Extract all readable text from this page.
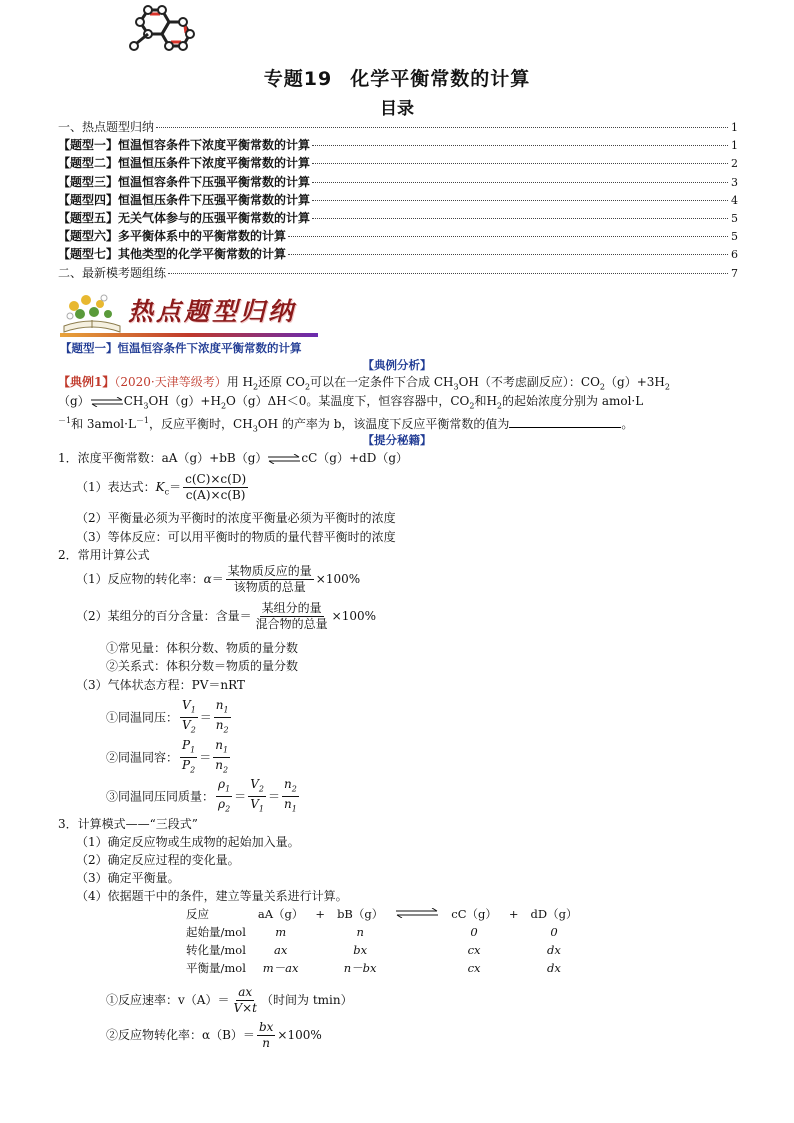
专题19 化学平衡常数的计算
目录
一、热点题型归纳	1
【题型一】恒温恒容条件下浓度平衡常数的计算	1
【题型二】恒温恒压条件下浓度平衡常数的计算	2
【题型三】恒温恒容条件下压强平衡常数的计算	3
【题型四】恒温恒压条件下压强平衡常数的计算	4
【题型五】无关气体参与的压强平衡常数的计算	5
【题型六】多平衡体系中的平衡常数的计算	5
【题型七】其他类型的化学平衡常数的计算	6
二、最新模考题组练	7
热点题型归纳
【题型一】恒温恒容条件下浓度平衡常数的计算
【典例分析】
【典例1】（2020·天津等级考）用 $H_2$还原 $CO_2$可以在一定条件下合成 $CH_3OH$（不考虑副反应）：$CO_2(g)+3H_2$
$(g)\rightleftharpoons CH_3OH(g)+H_2O(g)\Delta H<0$。某温度下，恒容容器中，$CO_2$和$H_2$的起始浓度分别为 amol·L
$^{-1}$和 $3amol\cdot L^{-1}$，反应平衡时，$CH_3OH$ 的产率为 b，该温度下反应平衡常数的值为	。
【提分秘籍】
1．浓度平衡常数：aA（g）+bB（g）⇌cC（g）+dD（g）
（1）表达式：$K_c= \frac{c(C)\times c(D)}{c(A)\times c(B)}$
（2）平衡量必须为平衡时的浓度平衡量必须为平衡时的浓度
（3）等体反应：可以用平衡时的物质的量代替平衡时的浓度
2．常用计算公式
（1）反应物的转化率：$\alpha= \frac{\text{某物质反应的量}}{\text{该物质的总量}} \times 100\%$
（2）某组分的百分含量：含量＝ $\frac{\text{某组分的量}}{\text{混合物的总量}} \times 100\%$
①常见量：体积分数、物质的量分数
②关系式：体积分数＝物质的量分数
（3）气体状态方程：PV＝nRT
①同温同压： $\frac{V_1}{V_2} = \frac{n_1}{n_2}$
②同温同容： $\frac{P_1}{P_2} = \frac{n_1}{n_2}$
③同温同压同质量： $\frac{\rho_1}{\rho_2} = \frac{V_2}{V_1} = \frac{n_2}{n_1}$
3．计算模式——“三段式”
（1）确定反应物或生成物的起始加入量。
（2）确定反应过程的变化量。
（3）确定平衡量。
（4）依据题干中的条件，建立等量关系进行计算。
反应	aA（g）	+	bB（g）		cC（g）	+	dD（g）
起始量/mol	m		n		0		0
转化量/mol	ax		bx		cx		dx
平衡量/mol	m－ax		n－bx		cx		dx
①反应速率：$v(A)= \frac{ax}{V\times t}$ （时间为 tmin）
②反应物转化率：$\alpha(B)= \frac{bx}{n} \times 100\%$
